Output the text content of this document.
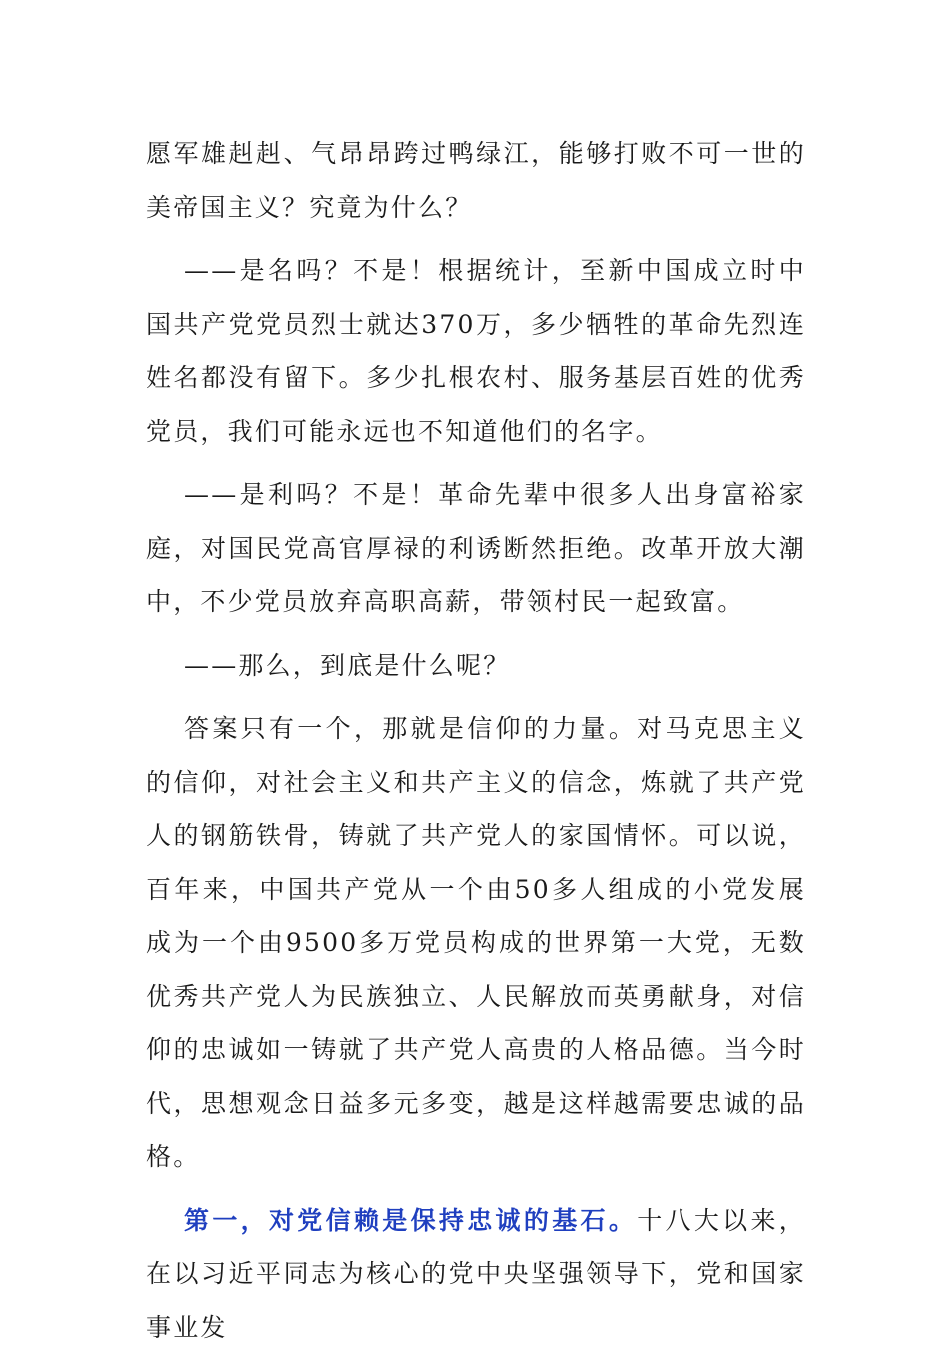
愿军雄赳赳、气昂昂跨过鸭绿江，能够打败不可一世的美帝国主义？究竟为什么？

——是名吗？不是！根据统计，至新中国成立时中国共产党党员烈士就达370万，多少牺牲的革命先烈连姓名都没有留下。多少扎根农村、服务基层百姓的优秀党员，我们可能永远也不知道他们的名字。

——是利吗？不是！革命先辈中很多人出身富裕家庭，对国民党高官厚禄的利诱断然拒绝。改革开放大潮中，不少党员放弃高职高薪，带领村民一起致富。

——那么，到底是什么呢？

答案只有一个，那就是信仰的力量。对马克思主义的信仰，对社会主义和共产主义的信念，炼就了共产党人的钢筋铁骨，铸就了共产党人的家国情怀。可以说，百年来，中国共产党从一个由50多人组成的小党发展成为一个由9500多万党员构成的世界第一大党，无数优秀共产党人为民族独立、人民解放而英勇献身，对信仰的忠诚如一铸就了共产党人高贵的人格品德。当今时代，思想观念日益多元多变，越是这样越需要忠诚的品格。

第一，对党信赖是保持忠诚的基石。十八大以来，在以习近平同志为核心的党中央坚强领导下，党和国家事业发
